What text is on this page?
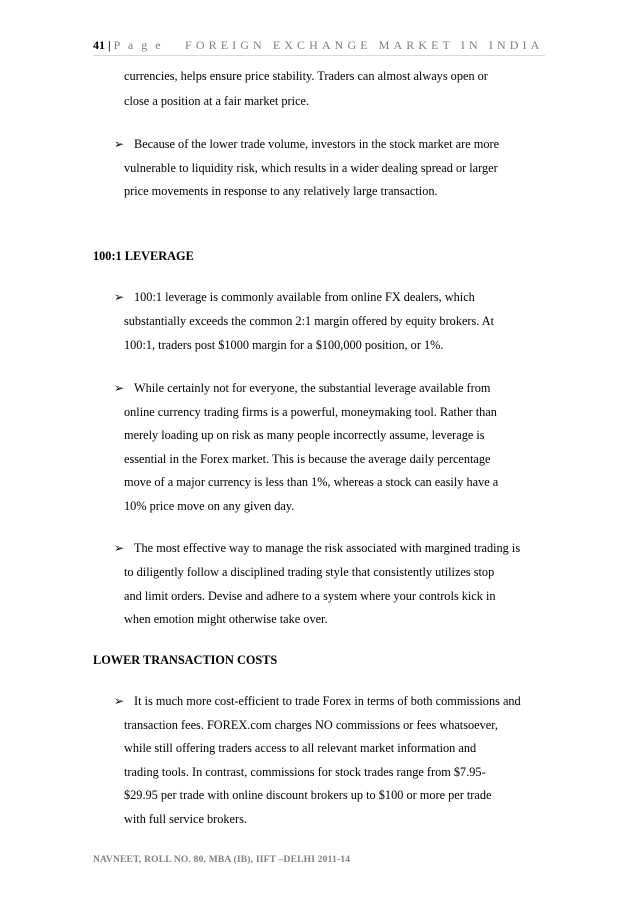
41 | P a g e FOREIGN EXCHANGE MARKET IN INDIA
currencies, helps ensure price stability. Traders can almost always open or
close a position at a fair market price.
➢ Because of the lower trade volume, investors in the stock market are more
vulnerable to liquidity risk, which results in a wider dealing spread or larger
price movements in response to any relatively large transaction.
100:1 LEVERAGE
➢ 100:1 leverage is commonly available from online FX dealers, which
substantially exceeds the common 2:1 margin offered by equity brokers. At
100:1, traders post $1000 margin for a $100,000 position, or 1%.
➢ While certainly not for everyone, the substantial leverage available from
online currency trading firms is a powerful, moneymaking tool. Rather than
merely loading up on risk as many people incorrectly assume, leverage is
essential in the Forex market. This is because the average daily percentage
move of a major currency is less than 1%, whereas a stock can easily have a
10% price move on any given day.
➢ The most effective way to manage the risk associated with margined trading is
to diligently follow a disciplined trading style that consistently utilizes stop
and limit orders. Devise and adhere to a system where your controls kick in
when emotion might otherwise take over.
LOWER TRANSACTION COSTS
➢ It is much more cost-efficient to trade Forex in terms of both commissions and
transaction fees. FOREX.com charges NO commissions or fees whatsoever,
while still offering traders access to all relevant market information and
trading tools. In contrast, commissions for stock trades range from $7.95-
$29.95 per trade with online discount brokers up to $100 or more per trade
with full service brokers.
NAVNEET, ROLL NO. 80, MBA (IB), IIFT –DELHI 2011-14
